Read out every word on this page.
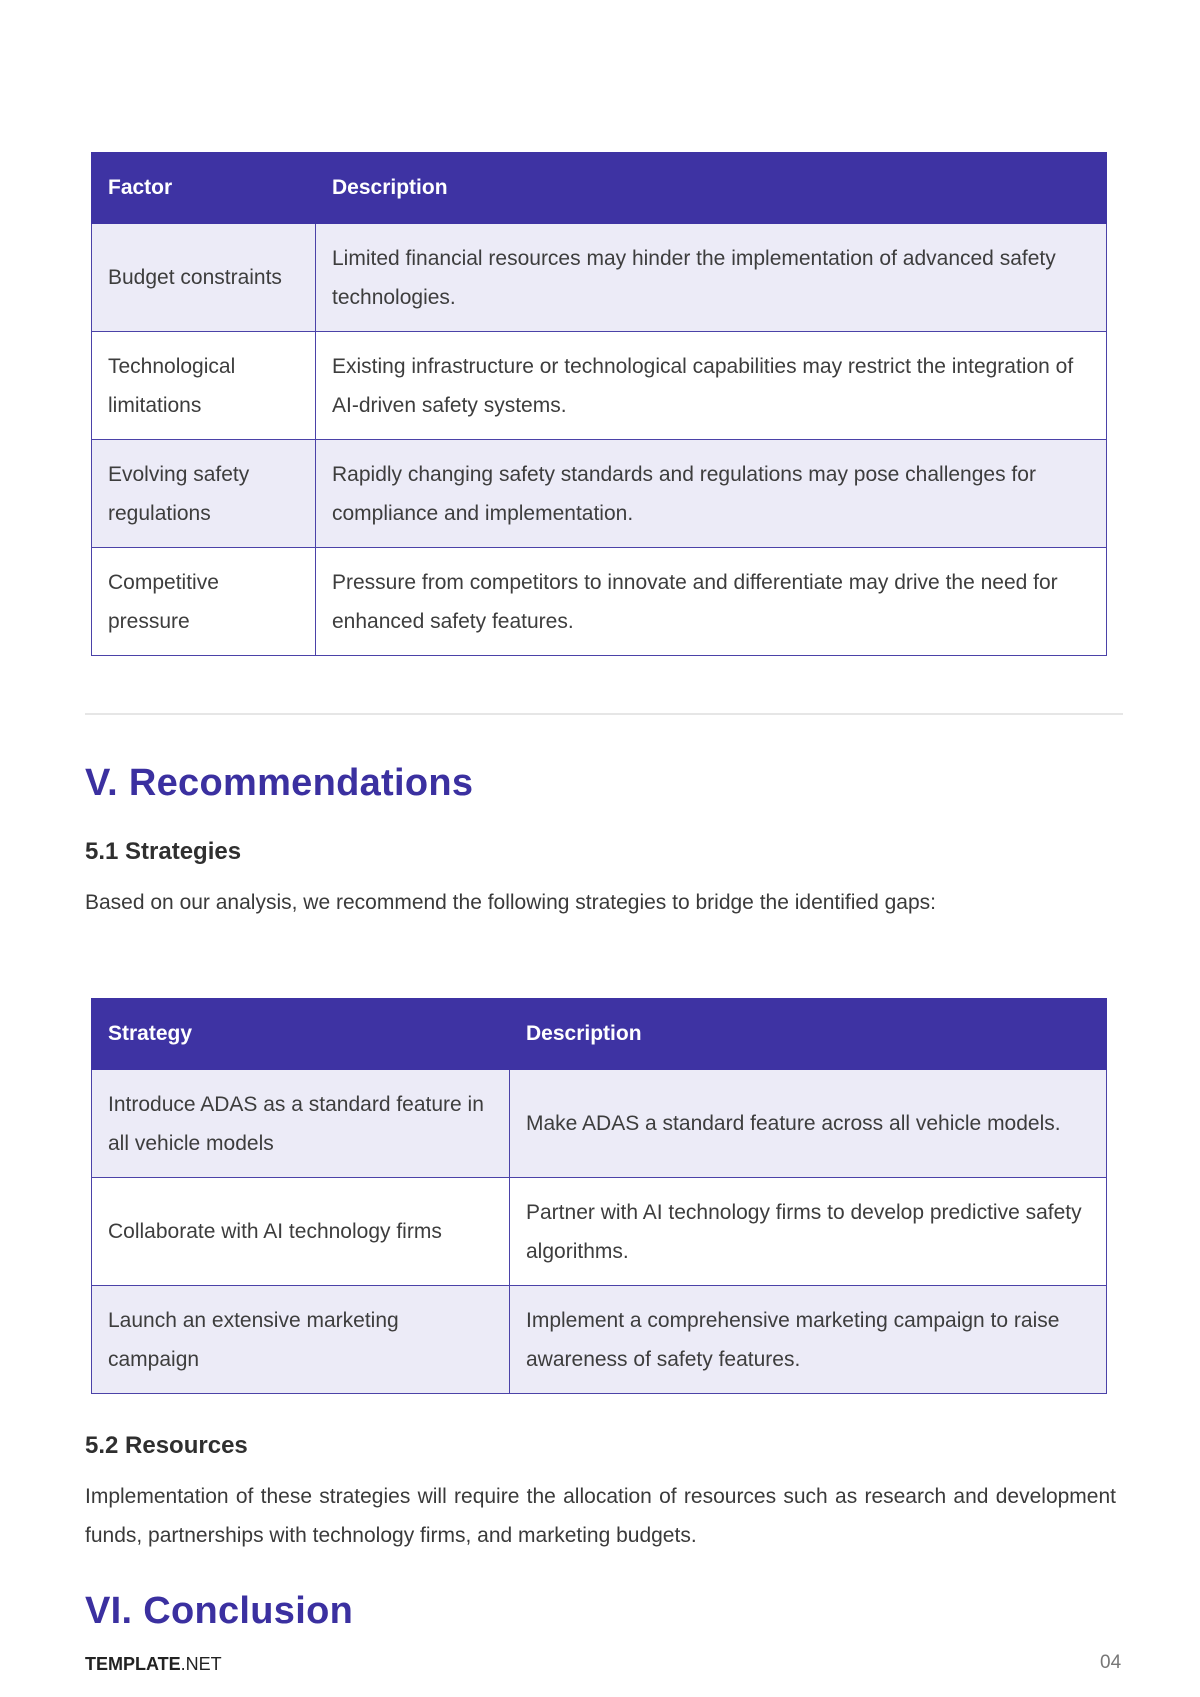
Factor	Description
Budget constraints	Limited financial resources may hinder the implementation of advanced safety technologies.
Technological limitations	Existing infrastructure or technological capabilities may restrict the integration of AI-driven safety systems.
Evolving safety regulations	Rapidly changing safety standards and regulations may pose challenges for compliance and implementation.
Competitive pressure	Pressure from competitors to innovate and differentiate may drive the need for enhanced safety features.
V. Recommendations
5.1 Strategies

Based on our analysis, we recommend the following strategies to bridge the identified gaps:

Strategy	Description
Introduce ADAS as a standard feature in all vehicle models	Make ADAS a standard feature across all vehicle models.
Collaborate with AI technology firms	Partner with AI technology firms to develop predictive safety algorithms.
Launch an extensive marketing campaign	Implement a comprehensive marketing campaign to raise awareness of safety features.
5.2 Resources

Implementation of these strategies will require the allocation of resources such as research and development funds, partnerships with technology firms, and marketing budgets.

VI. Conclusion
TEMPLATE.NET	04
